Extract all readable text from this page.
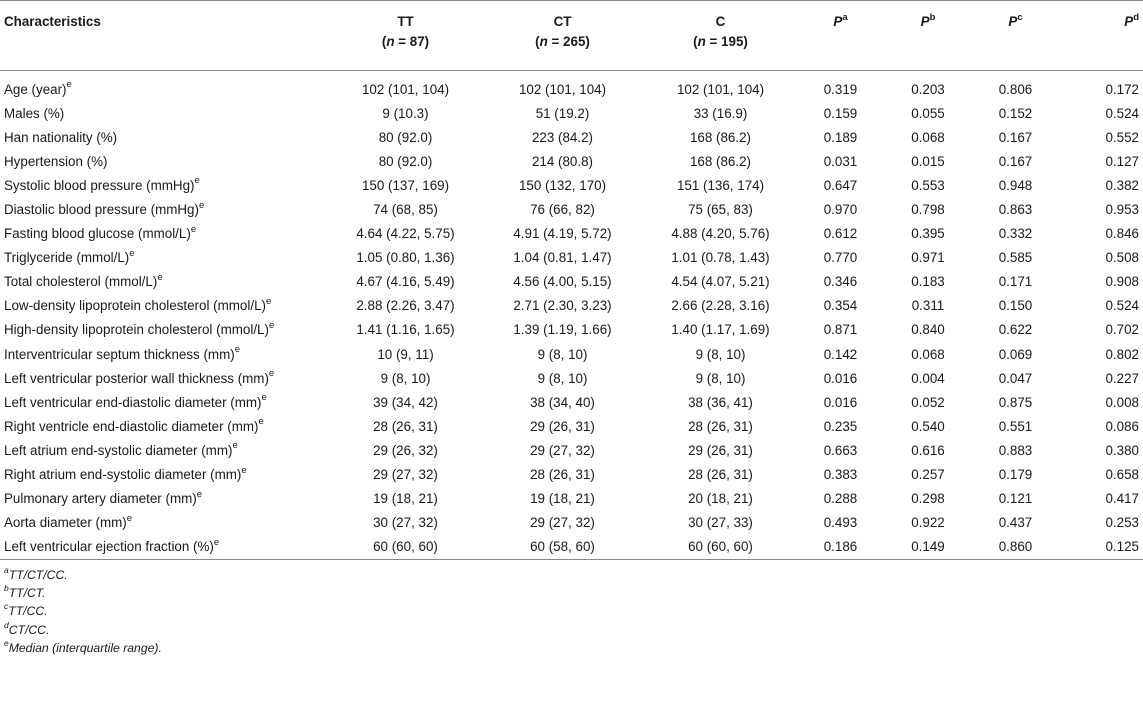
Characteristics	TT	CT	C	$P^a$	$P^b$	$P^c$	$P^d$
	(n = 87)	(n = 265)	(n = 195)				
Age (year)$^e$	102 (101, 104)	102 (101, 104)	102 (101, 104)	0.319	0.203	0.806	0.172
Males (%)	9 (10.3)	51 (19.2)	33 (16.9)	0.159	0.055	0.152	0.524
Han nationality (%)	80 (92.0)	223 (84.2)	168 (86.2)	0.189	0.068	0.167	0.552
Hypertension (%)	80 (92.0)	214 (80.8)	168 (86.2)	0.031	0.015	0.167	0.127
Systolic blood pressure (mmHg)$^e$	150 (137, 169)	150 (132, 170)	151 (136, 174)	0.647	0.553	0.948	0.382
Diastolic blood pressure (mmHg)$^e$	74 (68, 85)	76 (66, 82)	75 (65, 83)	0.970	0.798	0.863	0.953
Fasting blood glucose (mmol/L)$^e$	4.64 (4.22, 5.75)	4.91 (4.19, 5.72)	4.88 (4.20, 5.76)	0.612	0.395	0.332	0.846
Triglyceride (mmol/L)$^e$	1.05 (0.80, 1.36)	1.04 (0.81, 1.47)	1.01 (0.78, 1.43)	0.770	0.971	0.585	0.508
Total cholesterol (mmol/L)$^e$	4.67 (4.16, 5.49)	4.56 (4.00, 5.15)	4.54 (4.07, 5.21)	0.346	0.183	0.171	0.908
Low-density lipoprotein cholesterol (mmol/L)$^e$	2.88 (2.26, 3.47)	2.71 (2.30, 3.23)	2.66 (2.28, 3.16)	0.354	0.311	0.150	0.524
High-density lipoprotein cholesterol (mmol/L)$^e$	1.41 (1.16, 1.65)	1.39 (1.19, 1.66)	1.40 (1.17, 1.69)	0.871	0.840	0.622	0.702
Interventricular septum thickness (mm)$^e$	10 (9, 11)	9 (8, 10)	9 (8, 10)	0.142	0.068	0.069	0.802
Left ventricular posterior wall thickness (mm)$^e$	9 (8, 10)	9 (8, 10)	9 (8, 10)	0.016	0.004	0.047	0.227
Left ventricular end-diastolic diameter (mm)$^e$	39 (34, 42)	38 (34, 40)	38 (36, 41)	0.016	0.052	0.875	0.008
Right ventricle end-diastolic diameter (mm)$^e$	28 (26, 31)	29 (26, 31)	28 (26, 31)	0.235	0.540	0.551	0.086
Left atrium end-systolic diameter (mm)$^e$	29 (26, 32)	29 (27, 32)	29 (26, 31)	0.663	0.616	0.883	0.380
Right atrium end-systolic diameter (mm)$^e$	29 (27, 32)	28 (26, 31)	28 (26, 31)	0.383	0.257	0.179	0.658
Pulmonary artery diameter (mm)$^e$	19 (18, 21)	19 (18, 21)	20 (18, 21)	0.288	0.298	0.121	0.417
Aorta diameter (mm)$^e$	30 (27, 32)	29 (27, 32)	30 (27, 33)	0.493	0.922	0.437	0.253
Left ventricular ejection fraction (%)$^e$	60 (60, 60)	60 (58, 60)	60 (60, 60)	0.186	0.149	0.860	0.125
$^a$TT/CT/CC.
$^b$TT/CT.
$^c$TT/CC.
$^d$CT/CC.
$^e$Median (interquartile range).
